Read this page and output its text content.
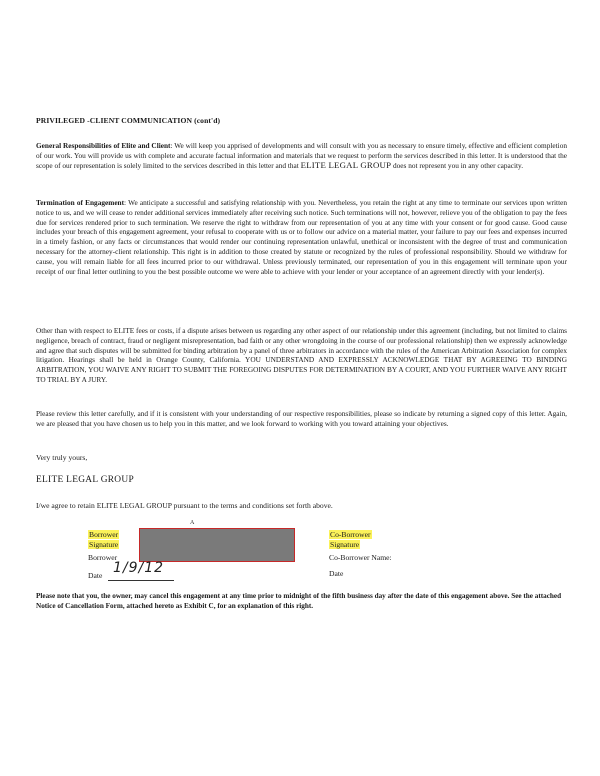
PRIVILEGED -CLIENT COMMUNICATION (cont'd)

General Responsibilities of Elite and Client: We will keep you apprised of developments and will consult with you as necessary to ensure timely, effective and efficient completion of our work. You will provide us with complete and accurate factual information and materials that we request to perform the services described in this letter. It is understood that the scope of our representation is solely limited to the services described in this letter and that ELITE LEGAL GROUP does not represent you in any other capacity.

Termination of Engagement: We anticipate a successful and satisfying relationship with you. Nevertheless, you retain the right at any time to terminate our services upon written notice to us, and we will cease to render additional services immediately after receiving such notice. Such terminations will not, however, relieve you of the obligation to pay the fees due for services rendered prior to such termination. We reserve the right to withdraw from our representation of you at any time with your consent or for good cause. Good cause includes your breach of this engagement agreement, your refusal to cooperate with us or to follow our advice on a material matter, your failure to pay our fees and expenses incurred in a timely fashion, or any facts or circumstances that would render our continuing representation unlawful, unethical or inconsistent with the degree of trust and communication necessary for the attorney-client relationship. This right is in addition to those created by statute or recognized by the rules of professional responsibility. Should we withdraw for cause, you will remain liable for all fees incurred prior to our withdrawal. Unless previously terminated, our representation of you in this engagement will terminate upon your receipt of our final letter outlining to you the best possible outcome we were able to achieve with your lender or your acceptance of an agreement directly with your lender(s).

Other than with respect to ELITE fees or costs, if a dispute arises between us regarding any other aspect of our relationship under this agreement (including, but not limited to claims negligence, breach of contract, fraud or negligent misrepresentation, bad faith or any other wrongdoing in the course of our professional relationship) then we expressly acknowledge and agree that such disputes will be submitted for binding arbitration by a panel of three arbitrators in accordance with the rules of the American Arbitration Association for complex litigation. Hearings shall be held in Orange County, California. YOU UNDERSTAND AND EXPRESSLY ACKNOWLEDGE THAT BY AGREEING TO BINDING ARBITRATION, YOU WAIVE ANY RIGHT TO SUBMIT THE FOREGOING DISPUTES FOR DETERMINATION BY A COURT, AND YOU FURTHER WAIVE ANY RIGHT TO TRIAL BY A JURY.

Please review this letter carefully, and if it is consistent with your understanding of our respective responsibilities, please so indicate by returning a signed copy of this letter. Again, we are pleased that you have chosen us to help you in this matter, and we look forward to working with you toward attaining your objectives.

Very truly yours,
ELITE LEGAL GROUP
I/we agree to retain ELITE LEGAL GROUP pursuant to the terms and conditions set forth above.
A
Borrower
Signature
Borrower
Date 1/9/12
Co-Borrower
Signature
Co-Borrower Name:
Date

Please note that you, the owner, may cancel this engagement at any time prior to midnight of the fifth business day after the date of this engagement above. See the attached Notice of Cancellation Form, attached hereto as Exhibit C, for an explanation of this right.
